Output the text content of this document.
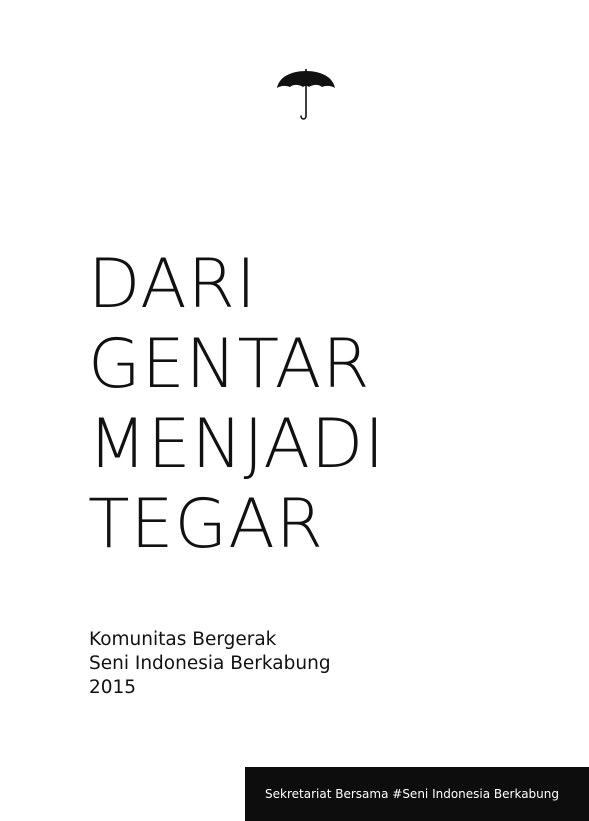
DARI
GENTAR
MENJADI
TEGAR
Komunitas Bergerak
Seni Indonesia Berkabung
2015
Sekretariat Bersama #Seni Indonesia Berkabung
